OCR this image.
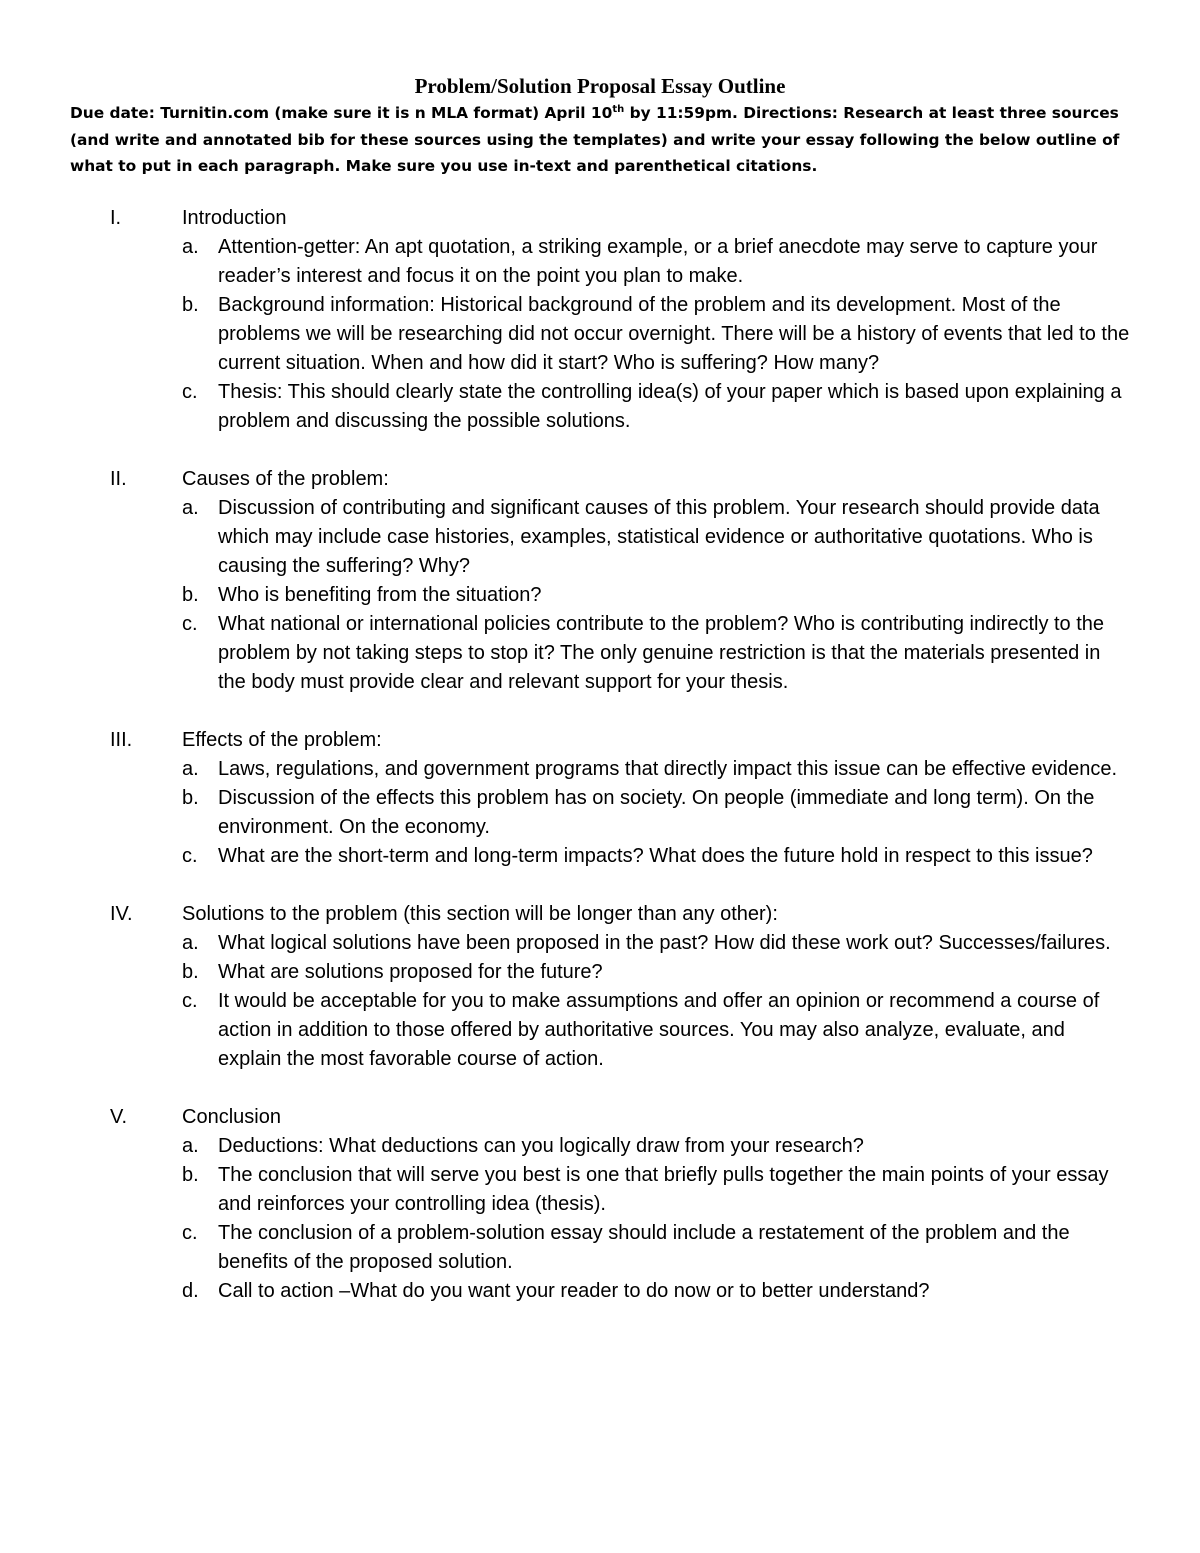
Problem/Solution Proposal Essay Outline
Due date: Turnitin.com (make sure it is n MLA format) April 10th by 11:59pm. Directions: Research at least three sources (and write and annotated bib for these sources using the templates) and write your essay following the below outline of what to put in each paragraph. Make sure you use in-text and parenthetical citations.
I.	Introduction
a. Attention-getter: An apt quotation, a striking example, or a brief anecdote may serve to capture your reader’s interest and focus it on the point you plan to make.
b. Background information: Historical background of the problem and its development. Most of the problems we will be researching did not occur overnight. There will be a history of events that led to the current situation. When and how did it start? Who is suffering? How many?
c. Thesis: This should clearly state the controlling idea(s) of your paper which is based upon explaining a problem and discussing the possible solutions.
II.	Causes of the problem:
a. Discussion of contributing and significant causes of this problem. Your research should provide data which may include case histories, examples, statistical evidence or authoritative quotations. Who is causing the suffering? Why?
b. Who is benefiting from the situation?
c. What national or international policies contribute to the problem? Who is contributing indirectly to the problem by not taking steps to stop it? The only genuine restriction is that the materials presented in the body must provide clear and relevant support for your thesis.
III. Effects of the problem:
a. Laws, regulations, and government programs that directly impact this issue can be effective evidence.
b. Discussion of the effects this problem has on society. On people (immediate and long term). On the environment. On the economy.
c. What are the short-term and long-term impacts? What does the future hold in respect to this issue?
IV. Solutions to the problem (this section will be longer than any other):
a. What logical solutions have been proposed in the past? How did these work out? Successes/failures.
b. What are solutions proposed for the future?
c. It would be acceptable for you to make assumptions and offer an opinion or recommend a course of action in addition to those offered by authoritative sources. You may also analyze, evaluate, and explain the most favorable course of action.
V.	Conclusion
a. Deductions: What deductions can you logically draw from your research?
b. The conclusion that will serve you best is one that briefly pulls together the main points of your essay and reinforces your controlling idea (thesis).
c. The conclusion of a problem-solution essay should include a restatement of the problem and the benefits of the proposed solution.
d. Call to action –What do you want your reader to do now or to better understand?
